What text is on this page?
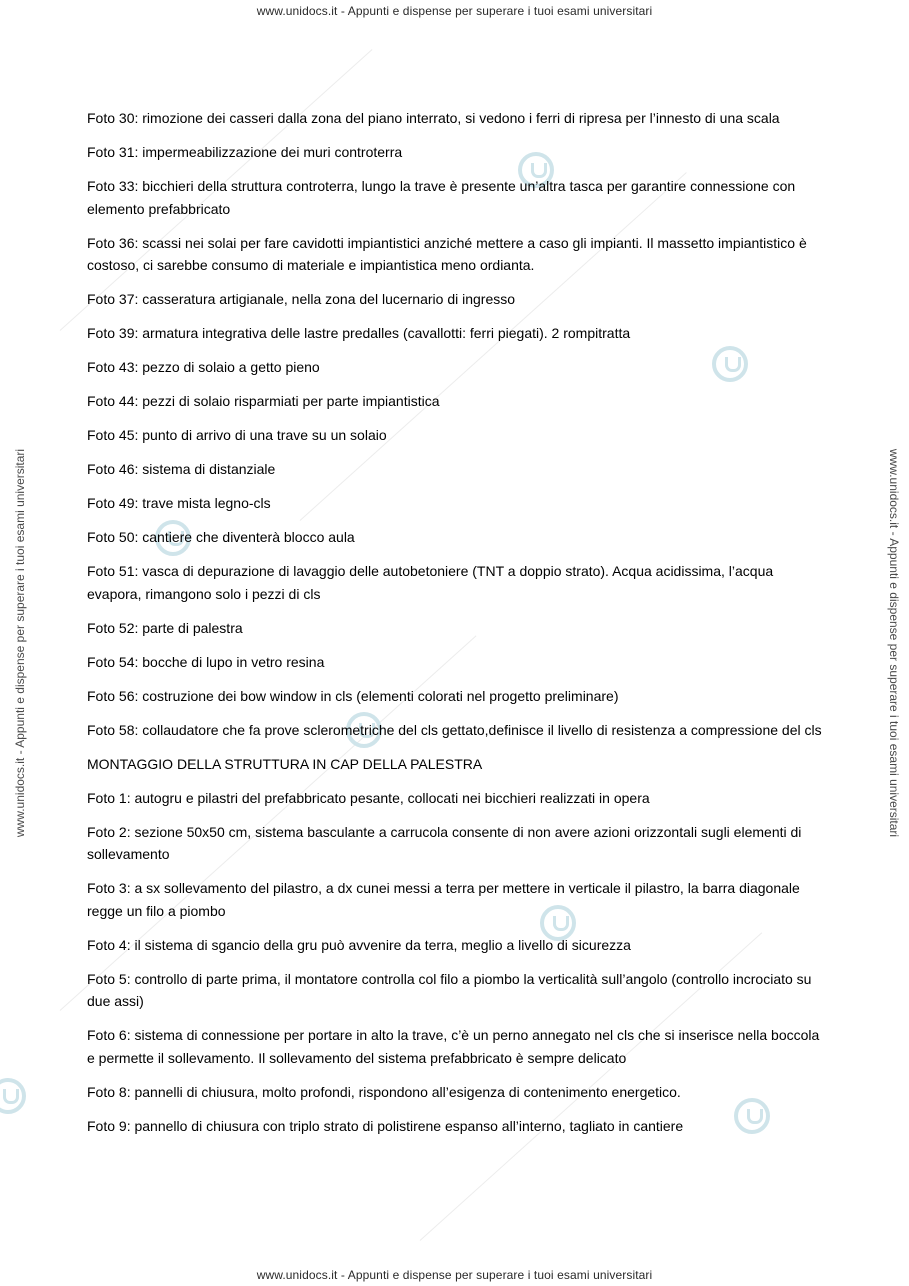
www.unidocs.it - Appunti e dispense per superare i tuoi esami universitari
www.unidocs.it - Appunti e dispense per superare i tuoi esami universitari
www.unidocs.it - Appunti e dispense per superare i tuoi esami universitari	www.unidocs.it - Appunti e dispense per superare i tuoi esami universitari

Foto 30: rimozione dei casseri dalla zona del piano interrato, si vedono i ferri di ripresa per l’innesto di una scala

Foto 31: impermeabilizzazione dei muri controterra

Foto 33: bicchieri della struttura controterra, lungo la trave è presente un’altra tasca per garantire connessione con elemento prefabbricato

Foto 36: scassi nei solai per fare cavidotti impiantistici anziché mettere a caso gli impianti. Il massetto impiantistico è costoso, ci sarebbe consumo di materiale e impiantistica meno ordianta.

Foto 37: casseratura artigianale, nella zona del lucernario di ingresso

Foto 39: armatura integrativa delle lastre predalles (cavallotti: ferri piegati). 2 rompitratta

Foto 43: pezzo di solaio a getto pieno

Foto 44: pezzi di solaio risparmiati per parte impiantistica

Foto 45: punto di arrivo di una trave su un solaio

Foto 46: sistema di distanziale

Foto 49: trave mista legno-cls

Foto 50: cantiere che diventerà blocco aula

Foto 51: vasca di depurazione di lavaggio delle autobetoniere (TNT a doppio strato). Acqua acidissima, l’acqua evapora, rimangono solo i pezzi di cls

Foto 52: parte di palestra

Foto 54: bocche di lupo in vetro resina

Foto 56: costruzione dei bow window in cls (elementi colorati nel progetto preliminare)

Foto 58: collaudatore che fa prove sclerometriche del cls gettato,definisce il livello di resistenza a compressione del cls

MONTAGGIO DELLA STRUTTURA IN CAP DELLA PALESTRA

Foto 1: autogru e pilastri del prefabbricato pesante, collocati nei bicchieri realizzati in opera

Foto 2: sezione 50x50 cm, sistema basculante a carrucola consente di non avere azioni orizzontali sugli elementi di sollevamento

Foto 3: a sx sollevamento del pilastro, a dx cunei messi a terra per mettere in verticale il pilastro, la barra diagonale regge un filo a piombo

Foto 4: il sistema di sgancio della gru può avvenire da terra, meglio a livello di sicurezza

Foto 5: controllo di parte prima, il montatore controlla col filo a piombo la verticalità sull’angolo (controllo incrociato su due assi)

Foto 6: sistema di connessione per portare in alto la trave, c’è un perno annegato nel cls che si inserisce nella boccola e permette il sollevamento. Il sollevamento del sistema prefabbricato è sempre delicato

Foto 8: pannelli di chiusura, molto profondi, rispondono all’esigenza di contenimento energetico.

Foto 9: pannello di chiusura con triplo strato di polistirene espanso all’interno, tagliato in cantiere
